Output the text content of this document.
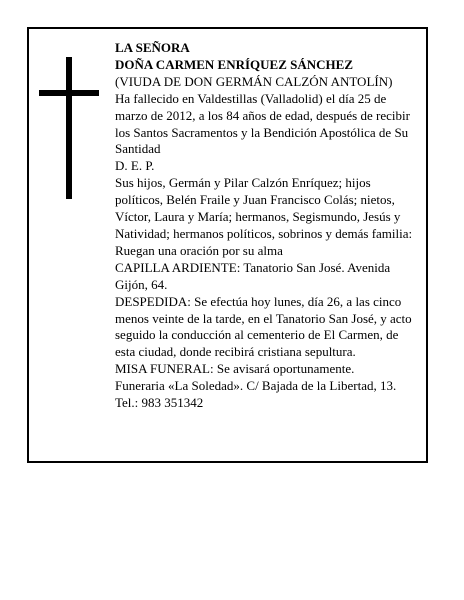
LA SEÑORA

DOÑA CARMEN ENRÍQUEZ SÁNCHEZ

(VIUDA DE DON GERMÁN CALZÓN ANTOLÍN)

Ha fallecido en Valdestillas (Valladolid) el día 25 de marzo de 2012, a los 84 años de edad, después de recibir los Santos Sacramentos y la Bendición Apostólica de Su Santidad

D. E. P.

Sus hijos, Germán y Pilar Calzón Enríquez; hijos políticos, Belén Fraile y Juan Francisco Colás; nietos, Víctor, Laura y María; hermanos, Segismundo, Jesús y Natividad; hermanos políticos, sobrinos y demás familia:

Ruegan una oración por su alma

CAPILLA ARDIENTE: Tanatorio San José. Avenida Gijón, 64.

DESPEDIDA: Se efectúa hoy lunes, día 26, a las cinco menos veinte de la tarde, en el Tanatorio San José, y acto seguido la conducción al cementerio de El Carmen, de esta ciudad, donde recibirá cristiana sepultura.

MISA FUNERAL: Se avisará oportunamente.

Funeraria «La Soledad». C/ Bajada de la Libertad, 13.

Tel.: 983 351342
